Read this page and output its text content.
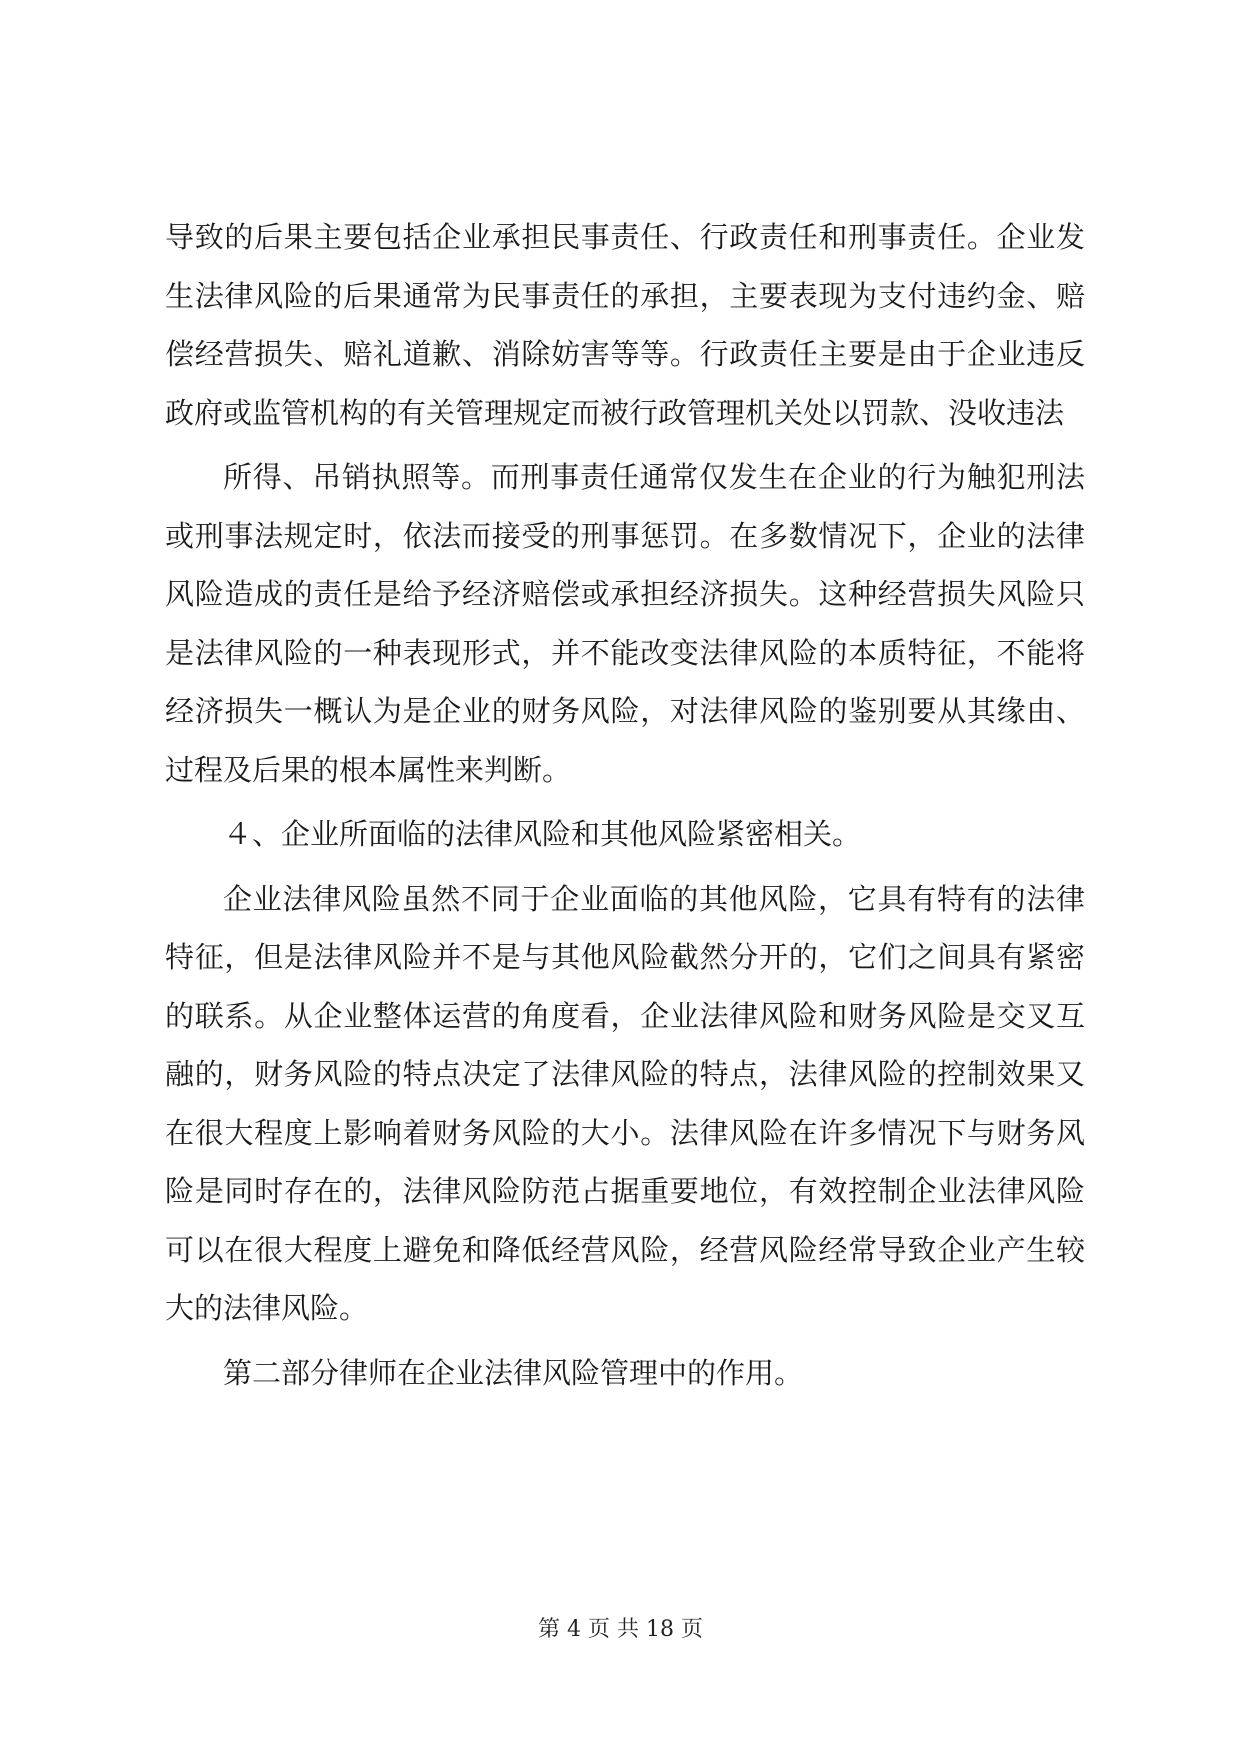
导致的后果主要包括企业承担民事责任、行政责任和刑事责任。企业发生法律风险的后果通常为民事责任的承担，主要表现为支付违约金、赔偿经营损失、赔礼道歉、消除妨害等等。行政责任主要是由于企业违反政府或监管机构的有关管理规定而被行政管理机关处以罚款、没收违法

所得、吊销执照等。而刑事责任通常仅发生在企业的行为触犯刑法或刑事法规定时，依法而接受的刑事惩罚。在多数情况下，企业的法律风险造成的责任是给予经济赔偿或承担经济损失。这种经营损失风险只是法律风险的一种表现形式，并不能改变法律风险的本质特征，不能将经济损失一概认为是企业的财务风险，对法律风险的鉴别要从其缘由、过程及后果的根本属性来判断。

４、企业所面临的法律风险和其他风险紧密相关。

企业法律风险虽然不同于企业面临的其他风险，它具有特有的法律特征，但是法律风险并不是与其他风险截然分开的，它们之间具有紧密的联系。从企业整体运营的角度看，企业法律风险和财务风险是交叉互融的，财务风险的特点决定了法律风险的特点，法律风险的控制效果又在很大程度上影响着财务风险的大小。法律风险在许多情况下与财务风险是同时存在的，法律风险防范占据重要地位，有效控制企业法律风险可以在很大程度上避免和降低经营风险，经营风险经常导致企业产生较大的法律风险。

第二部分律师在企业法律风险管理中的作用。

第 4 页 共 18 页
